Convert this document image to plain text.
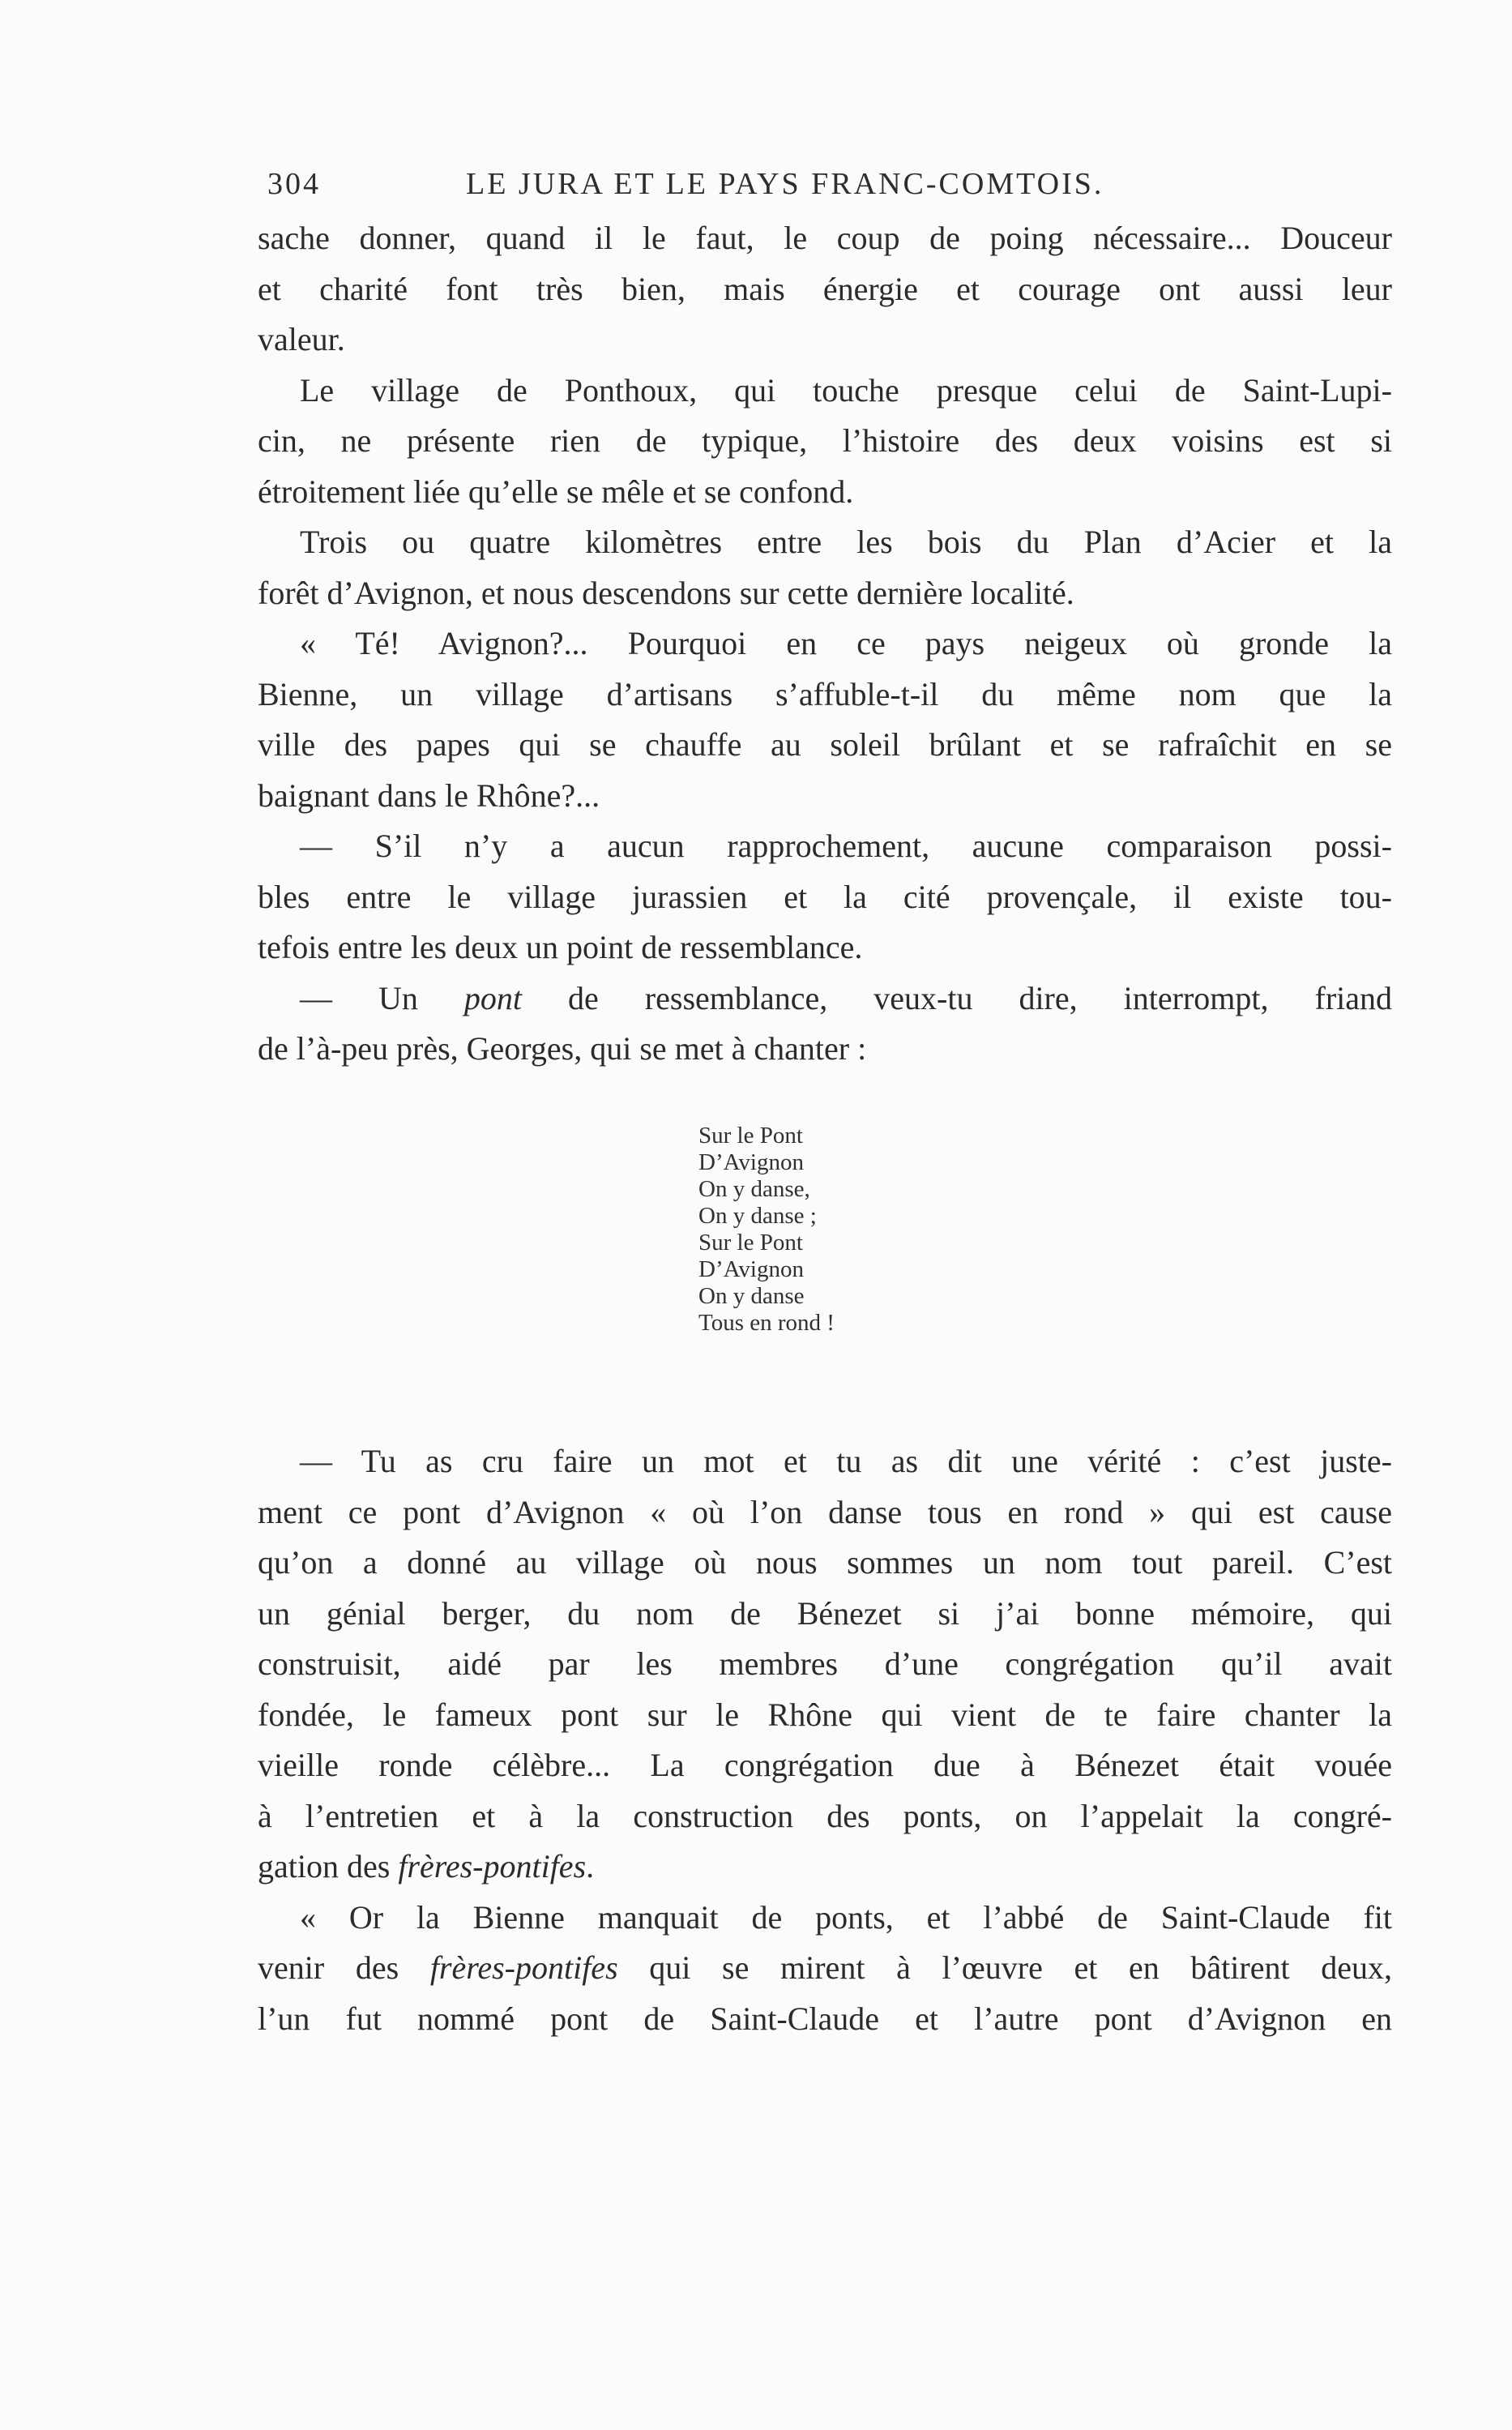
304	LE JURA ET LE PAYS FRANC-COMTOIS.
sache donner, quand il le faut, le coup de poing nécessaire... Douceur
et charité font très bien, mais énergie et courage ont aussi leur
valeur.
Le village de Ponthoux, qui touche presque celui de Saint-Lupi-
cin, ne présente rien de typique, l’histoire des deux voisins est si
étroitement liée qu’elle se mêle et se confond.
Trois ou quatre kilomètres entre les bois du Plan d’Acier et la
forêt d’Avignon, et nous descendons sur cette dernière localité.
« Té! Avignon?... Pourquoi en ce pays neigeux où gronde la
Bienne, un village d’artisans s’affuble-t-il du même nom que la
ville des papes qui se chauffe au soleil brûlant et se rafraîchit en se
baignant dans le Rhône?...
— S’il n’y a aucun rapprochement, aucune comparaison possi-
bles entre le village jurassien et la cité provençale, il existe tou-
tefois entre les deux un point de ressemblance.
— Un pont de ressemblance, veux-tu dire, interrompt, friand
de l’à-peu près, Georges, qui se met à chanter :
Sur le Pont
D’Avignon
On y danse,
On y danse ;
Sur le Pont
D’Avignon
On y danse
Tous en rond !
— Tu as cru faire un mot et tu as dit une vérité : c’est juste-
ment ce pont d’Avignon « où l’on danse tous en rond » qui est cause
qu’on a donné au village où nous sommes un nom tout pareil. C’est
un génial berger, du nom de Bénezet si j’ai bonne mémoire, qui
construisit, aidé par les membres d’une congrégation qu’il avait
fondée, le fameux pont sur le Rhône qui vient de te faire chanter la
vieille ronde célèbre... La congrégation due à Bénezet était vouée
à l’entretien et à la construction des ponts, on l’appelait la congré-
gation des frères-pontifes.
« Or la Bienne manquait de ponts, et l’abbé de Saint-Claude fit
venir des frères-pontifes qui se mirent à l’œuvre et en bâtirent deux,
l’un fut nommé pont de Saint-Claude et l’autre pont d’Avignon en
